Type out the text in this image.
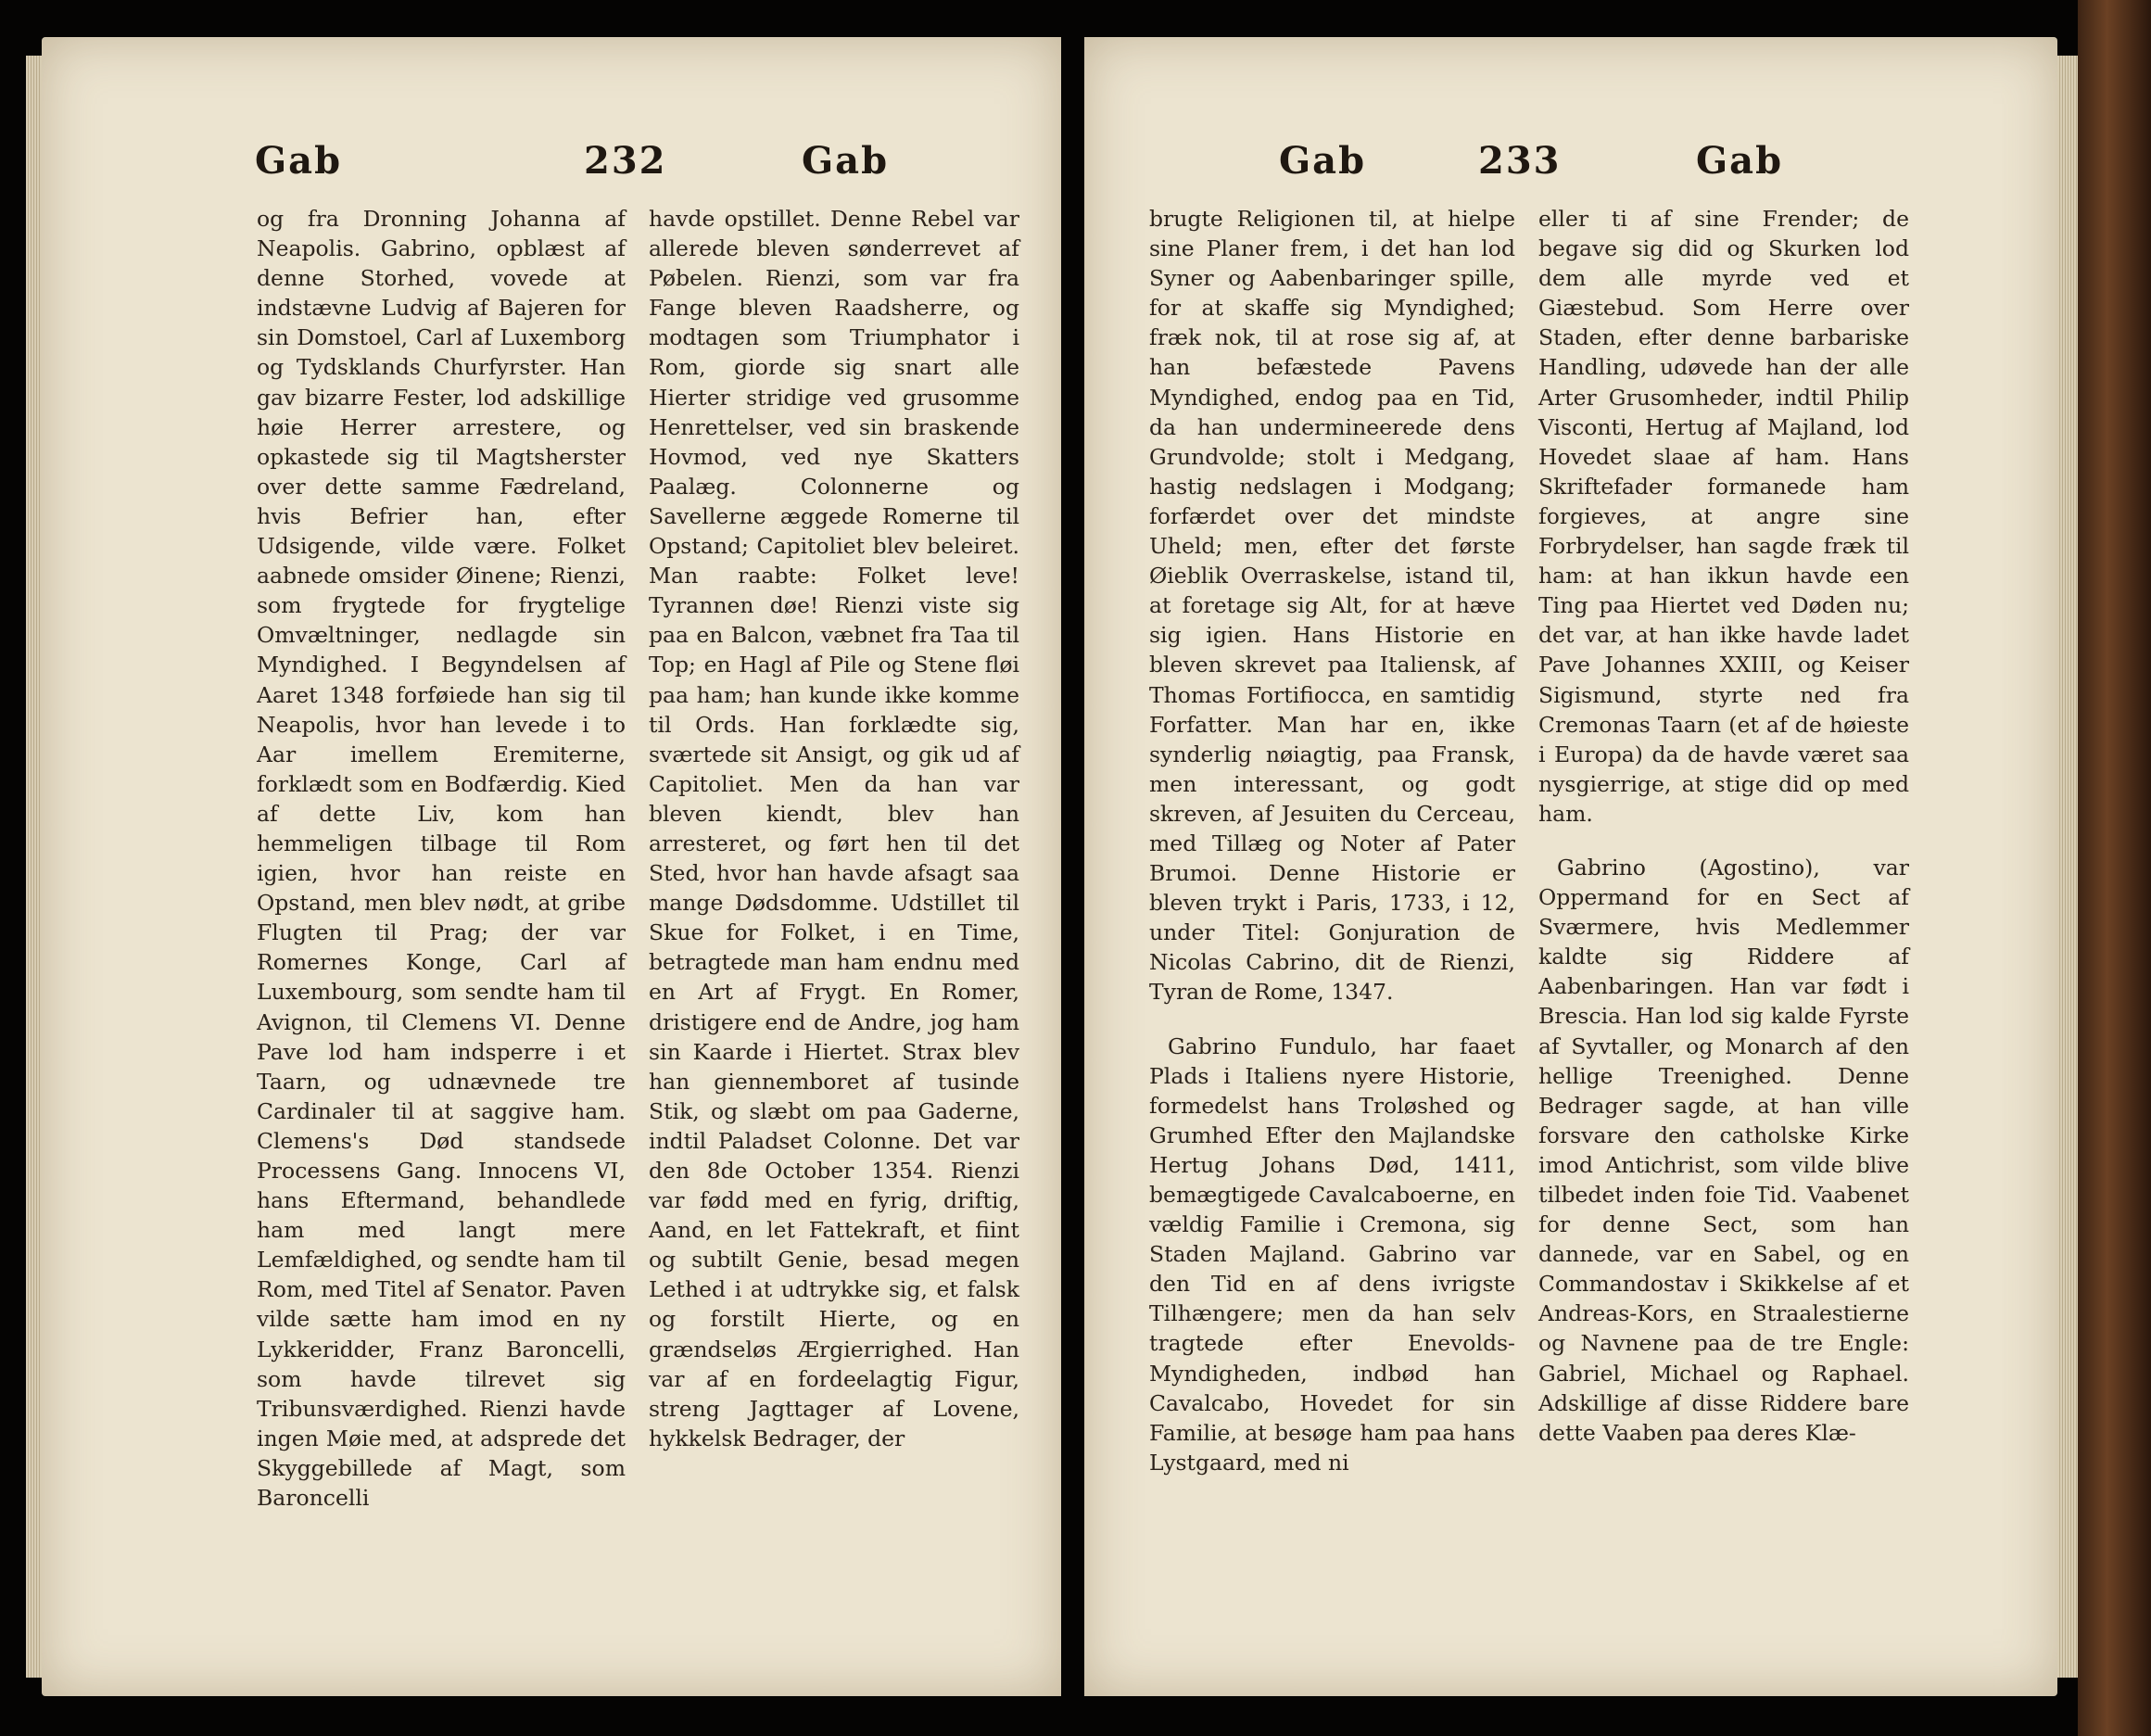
Gab	232	Gab

og fra Dronning Johanna af Neapolis. Gabrino, opblæst af denne Storhed, vovede at indstævne Ludvig af Bajeren for sin Domstoel, Carl af Luxemborg og Tydsklands Churfyrster. Han gav bizarre Fester, lod adskillige høie Herrer arrestere, og opkastede sig til Magtsherster over dette samme Fædreland, hvis Befrier han, efter Udsigende, vilde være. Folket aabnede omsider Øinene; Rienzi, som frygtede for frygtelige Omvæltninger, nedlagde sin Myndighed. I Begyndelsen af Aaret 1348 forføiede han sig til Neapolis, hvor han levede i to Aar imellem Eremiterne, forklædt som en Bodfærdig. Kied af dette Liv, kom han hemmeligen tilbage til Rom igien, hvor han reiste en Opstand, men blev nødt, at gribe Flugten til Prag; der var Romernes Konge, Carl af Luxembourg, som sendte ham til Avignon, til Clemens VI. Denne Pave lod ham indsperre i et Taarn, og udnævnede tre Cardinaler til at saggive ham. Clemens's Død standsede Processens Gang. Innocens VI, hans Eftermand, behandlede ham med langt mere Lemfældighed, og sendte ham til Rom, med Titel af Senator. Paven vilde sætte ham imod en ny Lykkeridder, Franz Baroncelli, som havde tilrevet sig Tribunsværdighed. Rienzi havde ingen Møie med, at adsprede det Skyggebillede af Magt, som Baroncelli

havde opstillet. Denne Rebel var allerede bleven sønderrevet af Pøbelen. Rienzi, som var fra Fange bleven Raadsherre, og modtagen som Triumphator i Rom, giorde sig snart alle Hierter stridige ved grusomme Henrettelser, ved sin braskende Hovmod, ved nye Skatters Paalæg. Colonnerne og Savellerne æggede Romerne til Opstand; Capitoliet blev beleiret. Man raabte: Folket leve! Tyrannen døe! Rienzi viste sig paa en Balcon, væbnet fra Taa til Top; en Hagl af Pile og Stene fløi paa ham; han kunde ikke komme til Ords. Han forklædte sig, sværtede sit Ansigt, og gik ud af Capitoliet. Men da han var bleven kiendt, blev han arresteret, og ført hen til det Sted, hvor han havde afsagt saa mange Dødsdomme. Udstillet til Skue for Folket, i en Time, betragtede man ham endnu med en Art af Frygt. En Romer, dristigere end de Andre, jog ham sin Kaarde i Hiertet. Strax blev han giennemboret af tusinde Stik, og slæbt om paa Gaderne, indtil Paladset Colonne. Det var den 8de October 1354. Rienzi var fødd med en fyrig, driftig, Aand, en let Fattekraft, et fiint og subtilt Genie, besad megen Lethed i at udtrykke sig, et falsk og forstilt Hierte, og en grændseløs Ærgierrighed. Han var af en fordeelagtig Figur, streng Jagttager af Lovene, hykkelsk Bedrager, der

Gab	233	Gab

brugte Religionen til, at hielpe sine Planer frem, i det han lod Syner og Aabenbaringer spille, for at skaffe sig Myndighed; fræk nok, til at rose sig af, at han befæstede Pavens Myndighed, endog paa en Tid, da han undermineerede dens Grundvolde; stolt i Medgang, hastig nedslagen i Modgang; forfærdet over det mindste Uheld; men, efter det første Øieblik Overraskelse, istand til, at foretage sig Alt, for at hæve sig igien. Hans Historie en bleven skrevet paa Italiensk, af Thomas Fortifiocca, en samtidig Forfatter. Man har en, ikke synderlig nøiagtig, paa Fransk, men interessant, og godt skreven, af Jesuiten du Cerceau, med Tillæg og Noter af Pater Brumoi. Denne Historie er bleven trykt i Paris, 1733, i 12, under Titel: Gonjuration de Nicolas Cabrino, dit de Rienzi, Tyran de Rome, 1347.

Gabrino Fundulo, har faaet Plads i Italiens nyere Historie, formedelst hans Troløshed og Grumhed Efter den Majlandske Hertug Johans Død, 1411, bemægtigede Cavalcaboerne, en vældig Familie i Cremona, sig Staden Majland. Gabrino var den Tid en af dens ivrigste Tilhængere; men da han selv tragtede efter Enevolds-Myndigheden, indbød han Cavalcabo, Hovedet for sin Familie, at besøge ham paa hans Lystgaard, med ni

eller ti af sine Frender; de begave sig did og Skurken lod dem alle myrde ved et Giæstebud. Som Herre over Staden, efter denne barbariske Handling, udøvede han der alle Arter Grusomheder, indtil Philip Visconti, Hertug af Majland, lod Hovedet slaae af ham. Hans Skriftefader formanede ham forgieves, at angre sine Forbrydelser, han sagde fræk til ham: at han ikkun havde een Ting paa Hiertet ved Døden nu; det var, at han ikke havde ladet Pave Johannes XXIII, og Keiser Sigismund, styrte ned fra Cremonas Taarn (et af de høieste i Europa) da de havde været saa nysgierrige, at stige did op med ham.

Gabrino (Agostino), var Oppermand for en Sect af Sværmere, hvis Medlemmer kaldte sig Riddere af Aabenbaringen. Han var født i Brescia. Han lod sig kalde Fyrste af Syvtaller, og Monarch af den hellige Treenighed. Denne Bedrager sagde, at han ville forsvare den catholske Kirke imod Antichrist, som vilde blive tilbedet inden foie Tid. Vaabenet for denne Sect, som han dannede, var en Sabel, og en Commandostav i Skikkelse af et Andreas-Kors, en Straalestierne og Navnene paa de tre Engle: Gabriel, Michael og Raphael. Adskillige af disse Riddere bare dette Vaaben paa deres Klæ-
